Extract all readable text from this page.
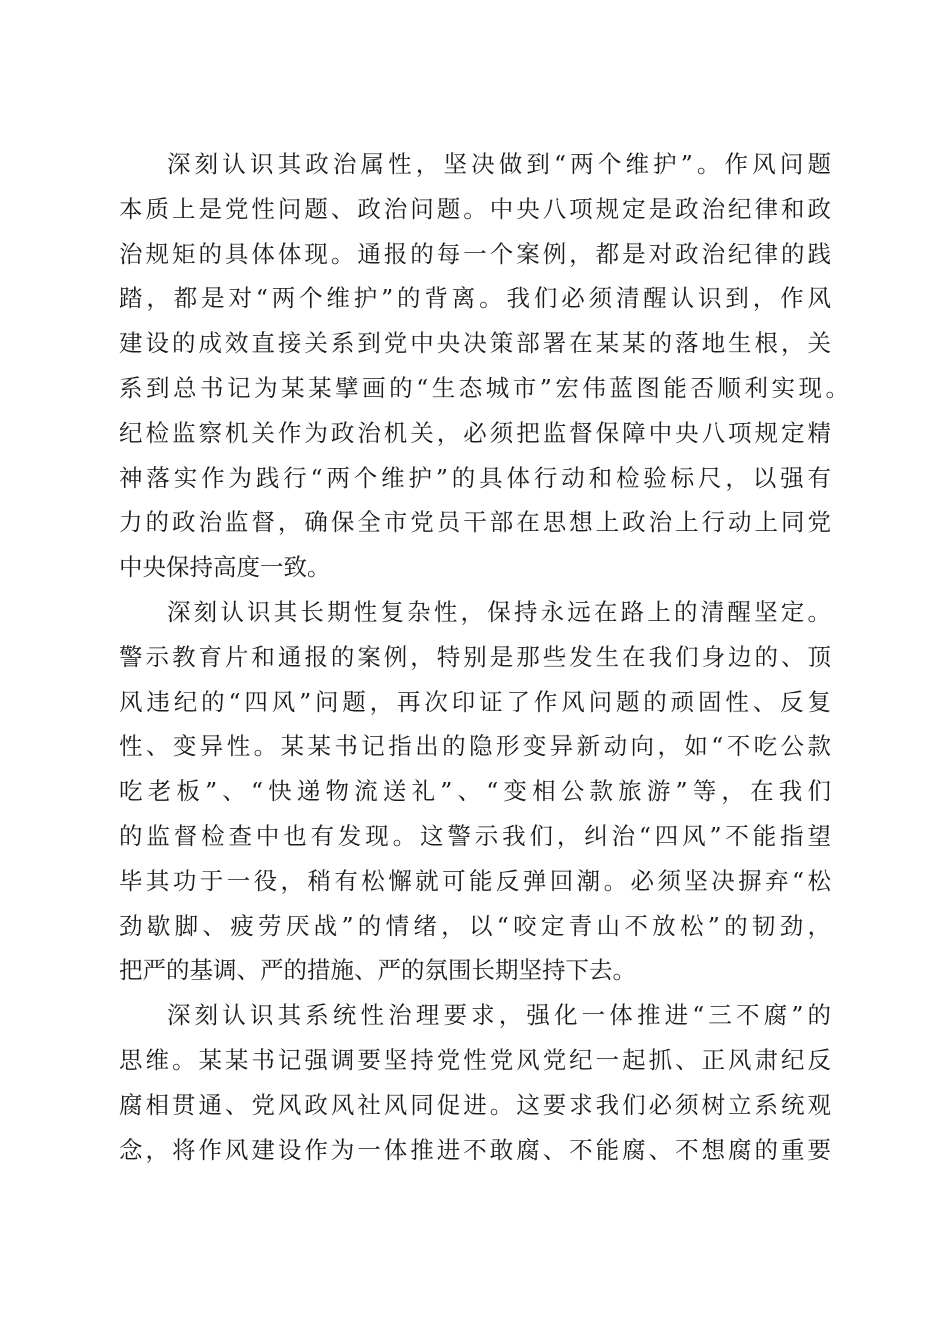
深刻认识其政治属性，坚决做到“两个维护”。作风问题
本质上是党性问题、政治问题。中央八项规定是政治纪律和政
治规矩的具体体现。通报的每一个案例，都是对政治纪律的践
踏，都是对“两个维护”的背离。我们必须清醒认识到，作风
建设的成效直接关系到党中央决策部署在某某的落地生根，关
系到总书记为某某擘画的“生态城市”宏伟蓝图能否顺利实现。
纪检监察机关作为政治机关，必须把监督保障中央八项规定精
神落实作为践行“两个维护”的具体行动和检验标尺，以强有
力的政治监督，确保全市党员干部在思想上政治上行动上同党
中央保持高度一致。
深刻认识其长期性复杂性，保持永远在路上的清醒坚定。
警示教育片和通报的案例，特别是那些发生在我们身边的、顶
风违纪的“四风”问题，再次印证了作风问题的顽固性、反复
性、变异性。某某书记指出的隐形变异新动向，如“不吃公款
吃老板”、“快递物流送礼”、“变相公款旅游”等，在我们
的监督检查中也有发现。这警示我们，纠治“四风”不能指望
毕其功于一役，稍有松懈就可能反弹回潮。必须坚决摒弃“松
劲歇脚、疲劳厌战”的情绪，以“咬定青山不放松”的韧劲，
把严的基调、严的措施、严的氛围长期坚持下去。
深刻认识其系统性治理要求，强化一体推进“三不腐”的
思维。某某书记强调要坚持党性党风党纪一起抓、正风肃纪反
腐相贯通、党风政风社风同促进。这要求我们必须树立系统观
念，将作风建设作为一体推进不敢腐、不能腐、不想腐的重要
